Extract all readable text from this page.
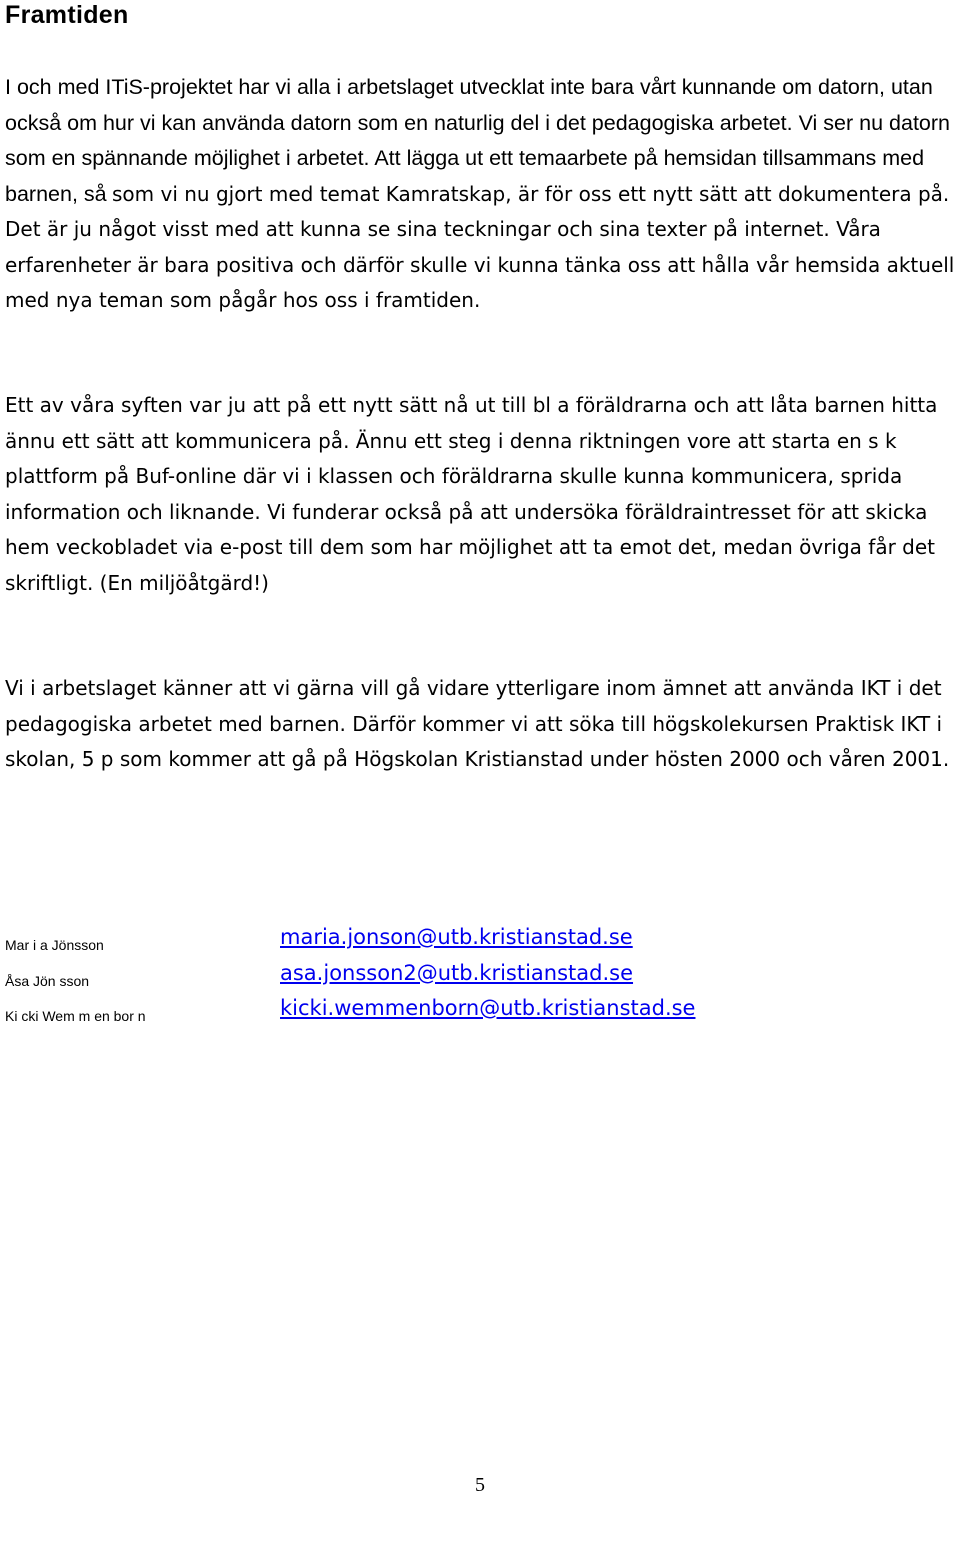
Framtiden

I och med ITiS-projektet har vi alla i arbetslaget utvecklat inte bara vårt kunnande om datorn, utan också om hur vi kan använda datorn som en naturlig del i det pedagogiska arbetet. Vi ser nu datorn som en spännande möjlighet i arbetet. Att lägga ut ett temaarbete på hemsidan tillsammans med barnen, så som vi nu gjort med temat Kamratskap, är för oss ett nytt sätt att dokumentera på. Det är ju något visst med att kunna se sina teckningar och sina texter på internet. Våra erfarenheter är bara positiva och därför skulle vi kunna tänka oss att hålla vår hemsida aktuell med nya teman som pågår hos oss i framtiden.

Ett av våra syften var ju att på ett nytt sätt nå ut till bl a föräldrarna och att låta barnen hitta ännu ett sätt att kommunicera på. Ännu ett steg i denna riktningen vore att starta en s k plattform på Buf-online där vi i klassen och föräldrarna skulle kunna kommunicera, sprida information och liknande. Vi funderar också på att undersöka föräldraintresset för att skicka hem veckobladet via e-post till dem som har möjlighet att ta emot det, medan övriga får det skriftligt. (En miljöåtgärd!)

Vi i arbetslaget känner att vi gärna vill gå vidare ytterligare inom ämnet att använda IKT i det pedagogiska arbetet med barnen. Därför kommer vi att söka till högskolekursen Praktisk IKT i skolan, 5 p som kommer att gå på Högskolan Kristianstad under hösten 2000 och våren 2001.

Mar i a Jönsson
Åsa Jön sson
Ki cki Wem m en bor n
maria.jonson@utb.kristianstad.se
asa.jonsson2@utb.kristianstad.se
kicki.wemmenborn@utb.kristianstad.se
5
